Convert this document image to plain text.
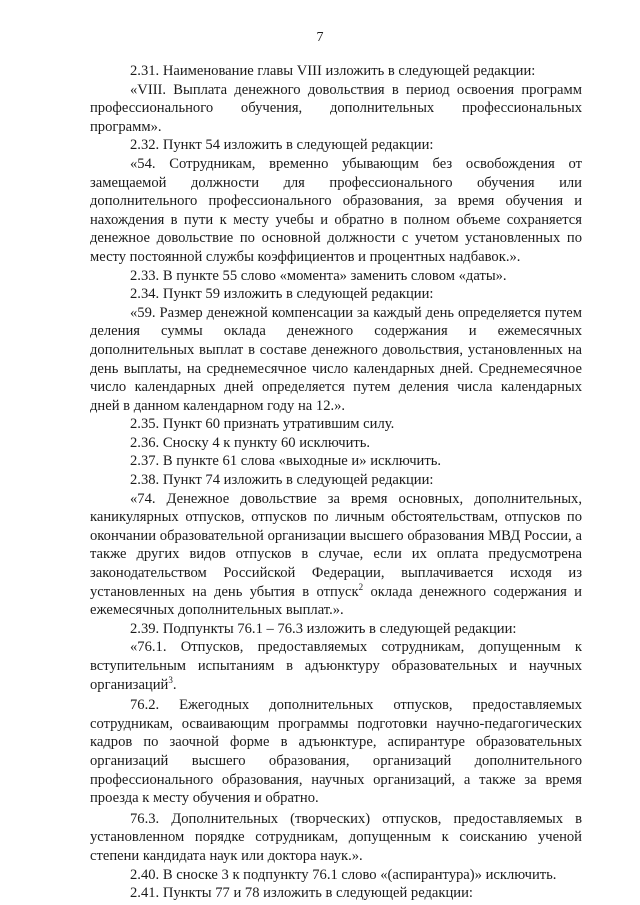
7

2.31. Наименование главы VIII изложить в следующей редакции:

«VIII. Выплата денежного довольствия в период освоения программ профессионального обучения, дополнительных профессиональных программ».

2.32. Пункт 54 изложить в следующей редакции:

«54. Сотрудникам, временно убывающим без освобождения от замещаемой должности для профессионального обучения или дополнительного профессионального образования, за время обучения и нахождения в пути к месту учебы и обратно в полном объеме сохраняется денежное довольствие по основной должности с учетом установленных по месту постоянной службы коэффициентов и процентных надбавок.».

2.33. В пункте 55 слово «момента» заменить словом «даты».

2.34. Пункт 59 изложить в следующей редакции:

«59. Размер денежной компенсации за каждый день определяется путем деления суммы оклада денежного содержания и ежемесячных дополнительных выплат в составе денежного довольствия, установленных на день выплаты, на среднемесячное число календарных дней. Среднемесячное число календарных дней определяется путем деления числа календарных дней в данном календарном году на 12.».

2.35. Пункт 60 признать утратившим силу.

2.36. Сноску 4 к пункту 60 исключить.

2.37. В пункте 61 слова «выходные и» исключить.

2.38. Пункт 74 изложить в следующей редакции:

«74. Денежное довольствие за время основных, дополнительных, каникулярных отпусков, отпусков по личным обстоятельствам, отпусков по окончании образовательной организации высшего образования МВД России, а также других видов отпусков в случае, если их оплата предусмотрена законодательством Российской Федерации, выплачивается исходя из установленных на день убытия в отпуск$^2$ оклада денежного содержания и ежемесячных дополнительных выплат.».

2.39. Подпункты 76.1 – 76.3 изложить в следующей редакции:

«76.1. Отпусков, предоставляемых сотрудникам, допущенным к вступительным испытаниям в адъюнктуру образовательных и научных организаций$^3$.

76.2. Ежегодных дополнительных отпусков, предоставляемых сотрудникам, осваивающим программы подготовки научно-педагогических кадров по заочной форме в адъюнктуре, аспирантуре образовательных организаций высшего образования, организаций дополнительного профессионального образования, научных организаций, а также за время проезда к месту обучения и обратно.

76.3. Дополнительных (творческих) отпусков, предоставляемых в установленном порядке сотрудникам, допущенным к соисканию ученой степени кандидата наук или доктора наук.».

2.40. В сноске 3 к подпункту 76.1 слово «(аспирантура)» исключить.

2.41. Пункты 77 и 78 изложить в следующей редакции:
